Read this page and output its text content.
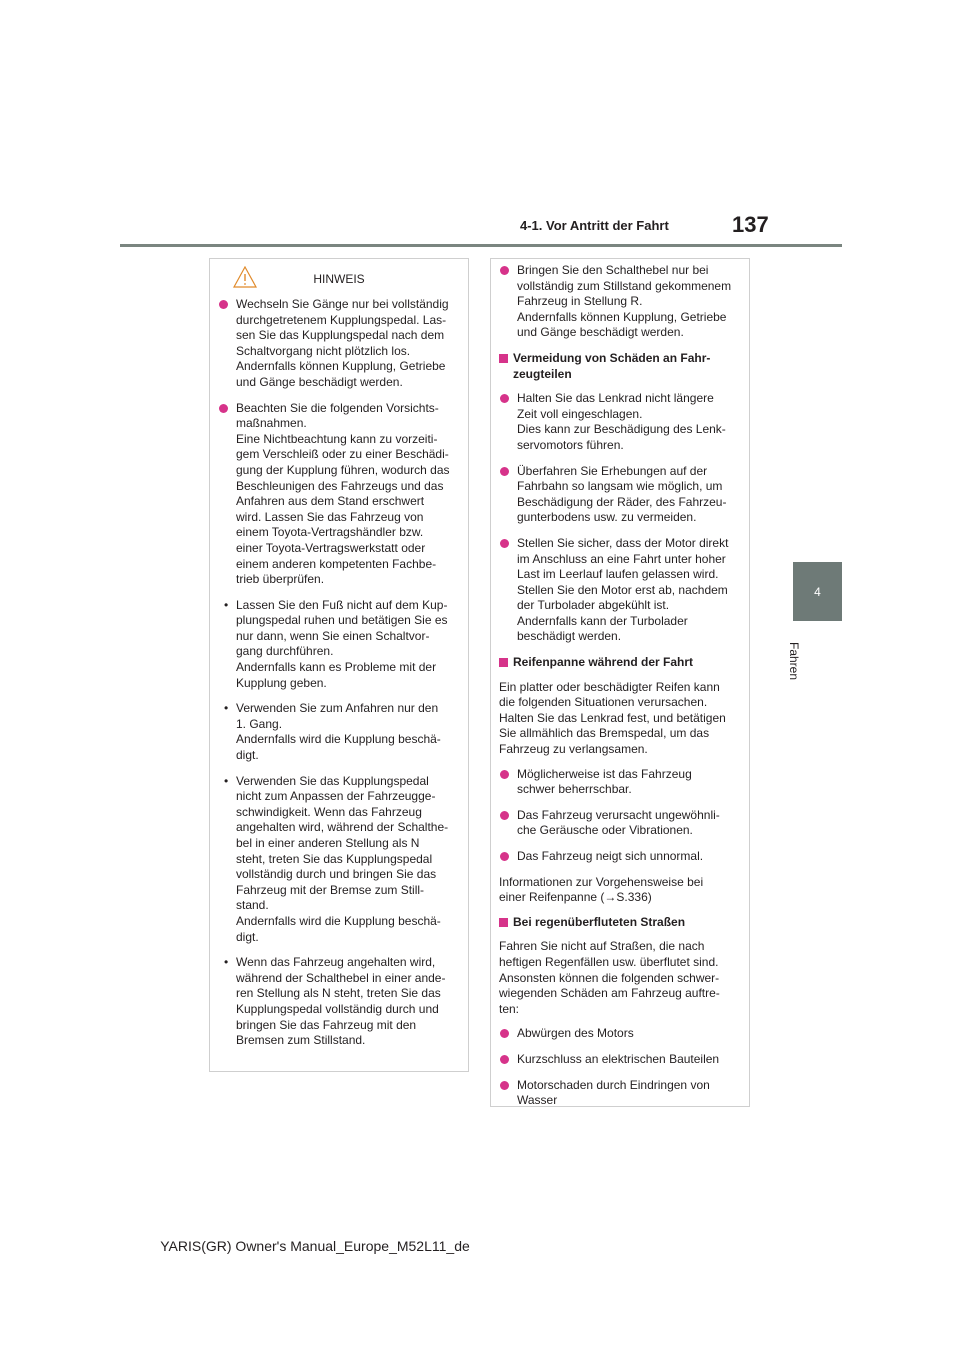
4-1. Vor Antritt der Fahrt	137
4
Fahren
HINWEIS
Wechseln Sie Gänge nur bei vollständig
durchgetretenem Kupplungspedal. Las-
sen Sie das Kupplungspedal nach dem
Schaltvorgang nicht plötzlich los.
Andernfalls können Kupplung, Getriebe
und Gänge beschädigt werden.
Beachten Sie die folgenden Vorsichts-
maßnahmen.
Eine Nichtbeachtung kann zu vorzeiti-
gem Verschleiß oder zu einer Beschädi-
gung der Kupplung führen, wodurch das
Beschleunigen des Fahrzeugs und das
Anfahren aus dem Stand erschwert
wird. Lassen Sie das Fahrzeug von
einem Toyota-Vertragshändler bzw.
einer Toyota-Vertragswerkstatt oder
einem anderen kompetenten Fachbe-
trieb überprüfen.
• Lassen Sie den Fuß nicht auf dem Kup-
plungspedal ruhen und betätigen Sie es
nur dann, wenn Sie einen Schaltvor-
gang durchführen.
Andernfalls kann es Probleme mit der
Kupplung geben.
• Verwenden Sie zum Anfahren nur den
1. Gang.
Andernfalls wird die Kupplung beschä-
digt.
• Verwenden Sie das Kupplungspedal
nicht zum Anpassen der Fahrzeugge-
schwindigkeit. Wenn das Fahrzeug
angehalten wird, während der Schalthe-
bel in einer anderen Stellung als N
steht, treten Sie das Kupplungspedal
vollständig durch und bringen Sie das
Fahrzeug mit der Bremse zum Still-
stand.
Andernfalls wird die Kupplung beschä-
digt.
• Wenn das Fahrzeug angehalten wird,
während der Schalthebel in einer ande-
ren Stellung als N steht, treten Sie das
Kupplungspedal vollständig durch und
bringen Sie das Fahrzeug mit den
Bremsen zum Stillstand.
Bringen Sie den Schalthebel nur bei
vollständig zum Stillstand gekommenem
Fahrzeug in Stellung R.
Andernfalls können Kupplung, Getriebe
und Gänge beschädigt werden.
Vermeidung von Schäden an Fahr-
zeugteilen
Halten Sie das Lenkrad nicht längere
Zeit voll eingeschlagen.
Dies kann zur Beschädigung des Lenk-
servomotors führen.
Überfahren Sie Erhebungen auf der
Fahrbahn so langsam wie möglich, um
Beschädigung der Räder, des Fahrzeu-
gunterbodens usw. zu vermeiden.
Stellen Sie sicher, dass der Motor direkt
im Anschluss an eine Fahrt unter hoher
Last im Leerlauf laufen gelassen wird.
Stellen Sie den Motor erst ab, nachdem
der Turbolader abgekühlt ist.
Andernfalls kann der Turbolader
beschädigt werden.
Reifenpanne während der Fahrt
Ein platter oder beschädigter Reifen kann
die folgenden Situationen verursachen.
Halten Sie das Lenkrad fest, und betätigen
Sie allmählich das Bremspedal, um das
Fahrzeug zu verlangsamen.
Möglicherweise ist das Fahrzeug
schwer beherrschbar.
Das Fahrzeug verursacht ungewöhnli-
che Geräusche oder Vibrationen.
Das Fahrzeug neigt sich unnormal.
Informationen zur Vorgehensweise bei
einer Reifenpanne (→S.336)
Bei regenüberfluteten Straßen
Fahren Sie nicht auf Straßen, die nach
heftigen Regenfällen usw. überflutet sind.
Ansonsten können die folgenden schwer-
wiegenden Schäden am Fahrzeug auftre-
ten:
Abwürgen des Motors
Kurzschluss an elektrischen Bauteilen
Motorschaden durch Eindringen von
Wasser
YARIS(GR) Owner's Manual_Europe_M52L11_de
